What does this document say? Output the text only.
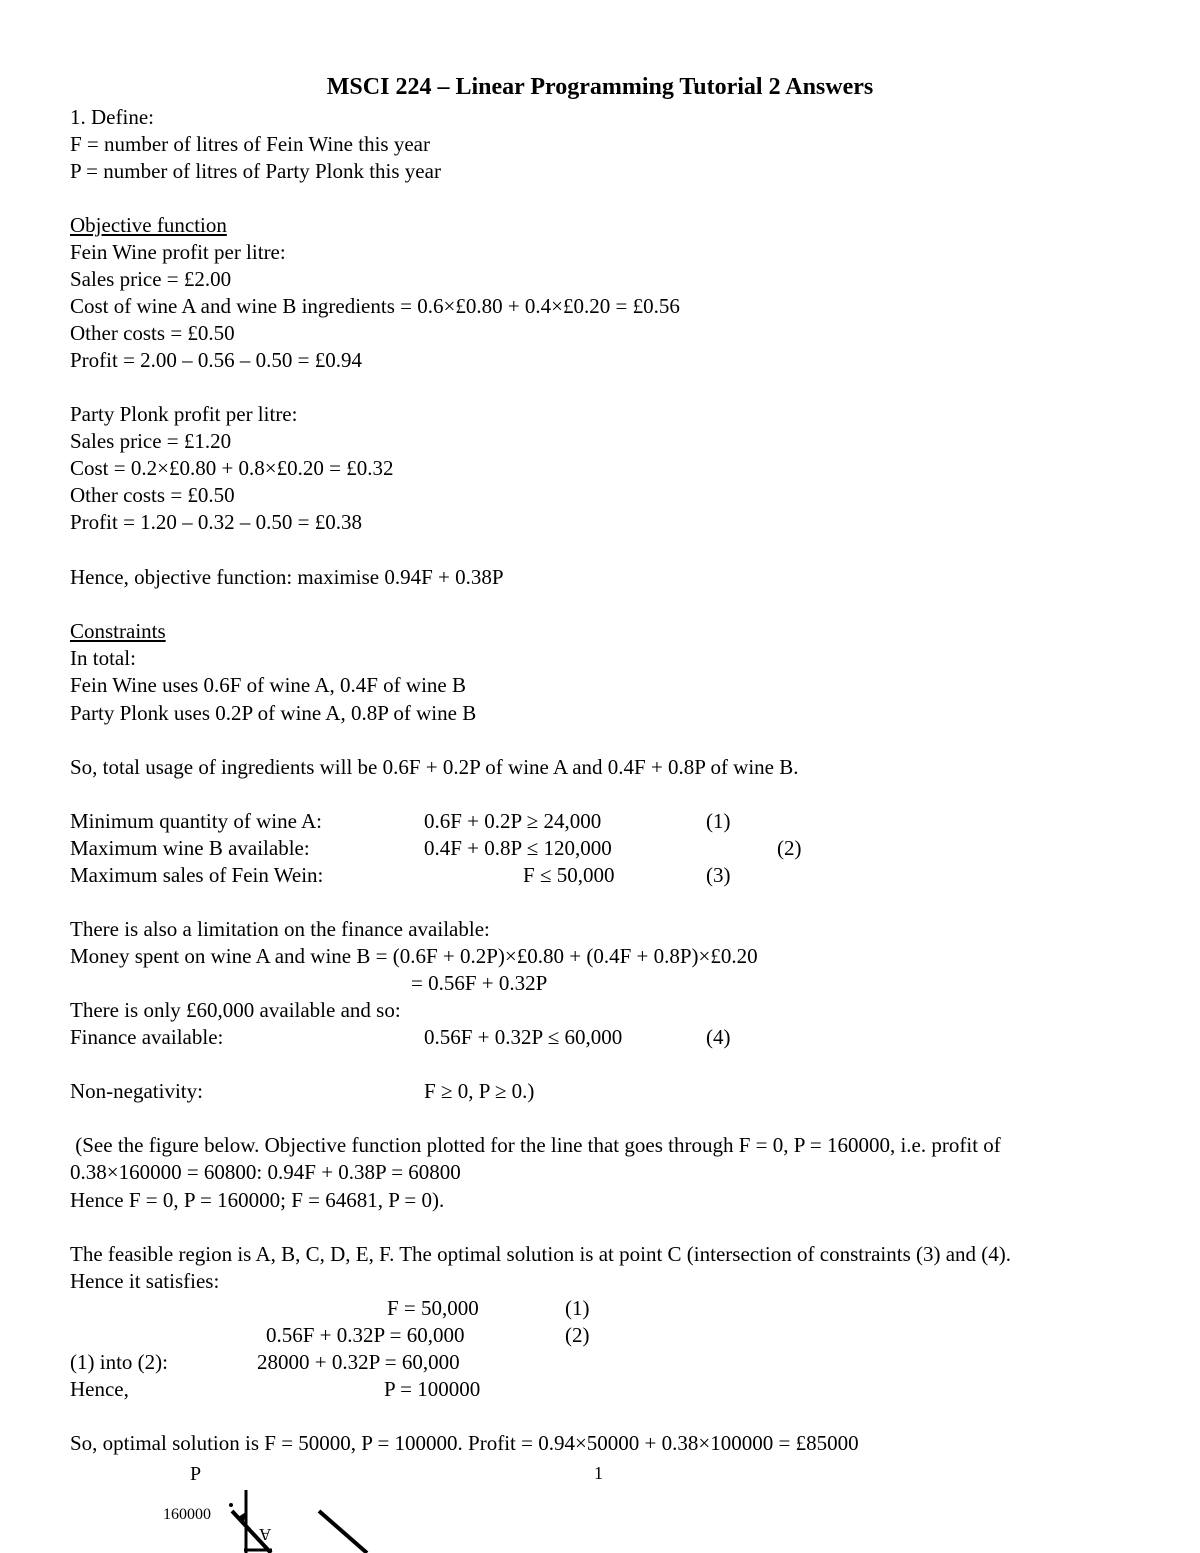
MSCI 224 – Linear Programming Tutorial 2 Answers
1. Define:
F = number of litres of Fein Wine this year
P = number of litres of Party Plonk this year
Objective function
Fein Wine profit per litre:
Sales price = £2.00
Cost of wine A and wine B ingredients = 0.6×£0.80 + 0.4×£0.20 = £0.56
Other costs = £0.50
Profit = 2.00 – 0.56 – 0.50 = £0.94
Party Plonk profit per litre:
Sales price = £1.20
Cost = 0.2×£0.80 + 0.8×£0.20 = £0.32
Other costs = £0.50
Profit = 1.20 – 0.32 – 0.50 = £0.38
Hence, objective function: maximise 0.94F + 0.38P
Constraints
In total:
Fein Wine uses 0.6F of wine A, 0.4F of wine B
Party Plonk uses 0.2P of wine A, 0.8P of wine B
So, total usage of ingredients will be 0.6F + 0.2P of wine A and 0.4F + 0.8P of wine B.
Minimum quantity of wine A:	0.6F + 0.2P ≥ 24,000	(1)
Maximum wine B available:	0.4F + 0.8P ≤ 120,000	(2)
Maximum sales of Fein Wein:	F ≤ 50,000	(3)
There is also a limitation on the finance available:
Money spent on wine A and wine B = (0.6F + 0.2P)×£0.80 + (0.4F + 0.8P)×£0.20
= 0.56F + 0.32P
There is only £60,000 available and so:
Finance available:	0.56F + 0.32P ≤ 60,000	(4)
Non-negativity:	F ≥ 0, P ≥ 0.)
(See the figure below. Objective function plotted for the line that goes through F = 0, P = 160000, i.e. profit of
0.38×160000 = 60800: 0.94F + 0.38P = 60800
Hence F = 0, P = 160000; F = 64681, P = 0).
The feasible region is A, B, C, D, E, F. The optimal solution is at point C (intersection of constraints (3) and (4).
Hence it satisfies:
F = 50,000	(1)
0.56F + 0.32P = 60,000	(2)
(1) into (2):	28000 + 0.32P = 60,000
Hence,	P = 100000
So, optimal solution is F = 50000, P = 100000. Profit = 0.94×50000 + 0.38×100000 = £85000
P	1
160000
A
